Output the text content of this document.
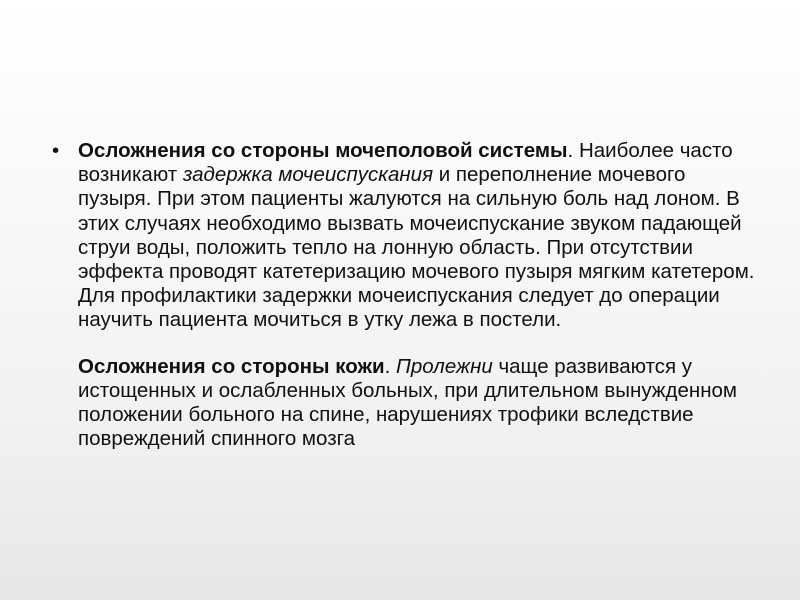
• Осложнения со стороны мочеполовой системы. Наиболее часто возникают задержка мочеиспускания и переполнение мочевого пузыря. При этом пациенты жалуются на сильную боль над лоном. В этих случаях необходимо вызвать мочеиспускание звуком падающей струи воды, положить тепло на лонную область. При отсутствии эффекта проводят катетеризацию мочевого пузыря мягким катетером. Для профилактики задержки мочеиспускания следует до операции научить пациента мочиться в утку лежа в постели.
Осложнения со стороны кожи. Пролежни чаще развиваются у истощенных и ослабленных больных, при длительном вынужденном положении больного на спине, нарушениях трофики вследствие повреждений спинного мозга
